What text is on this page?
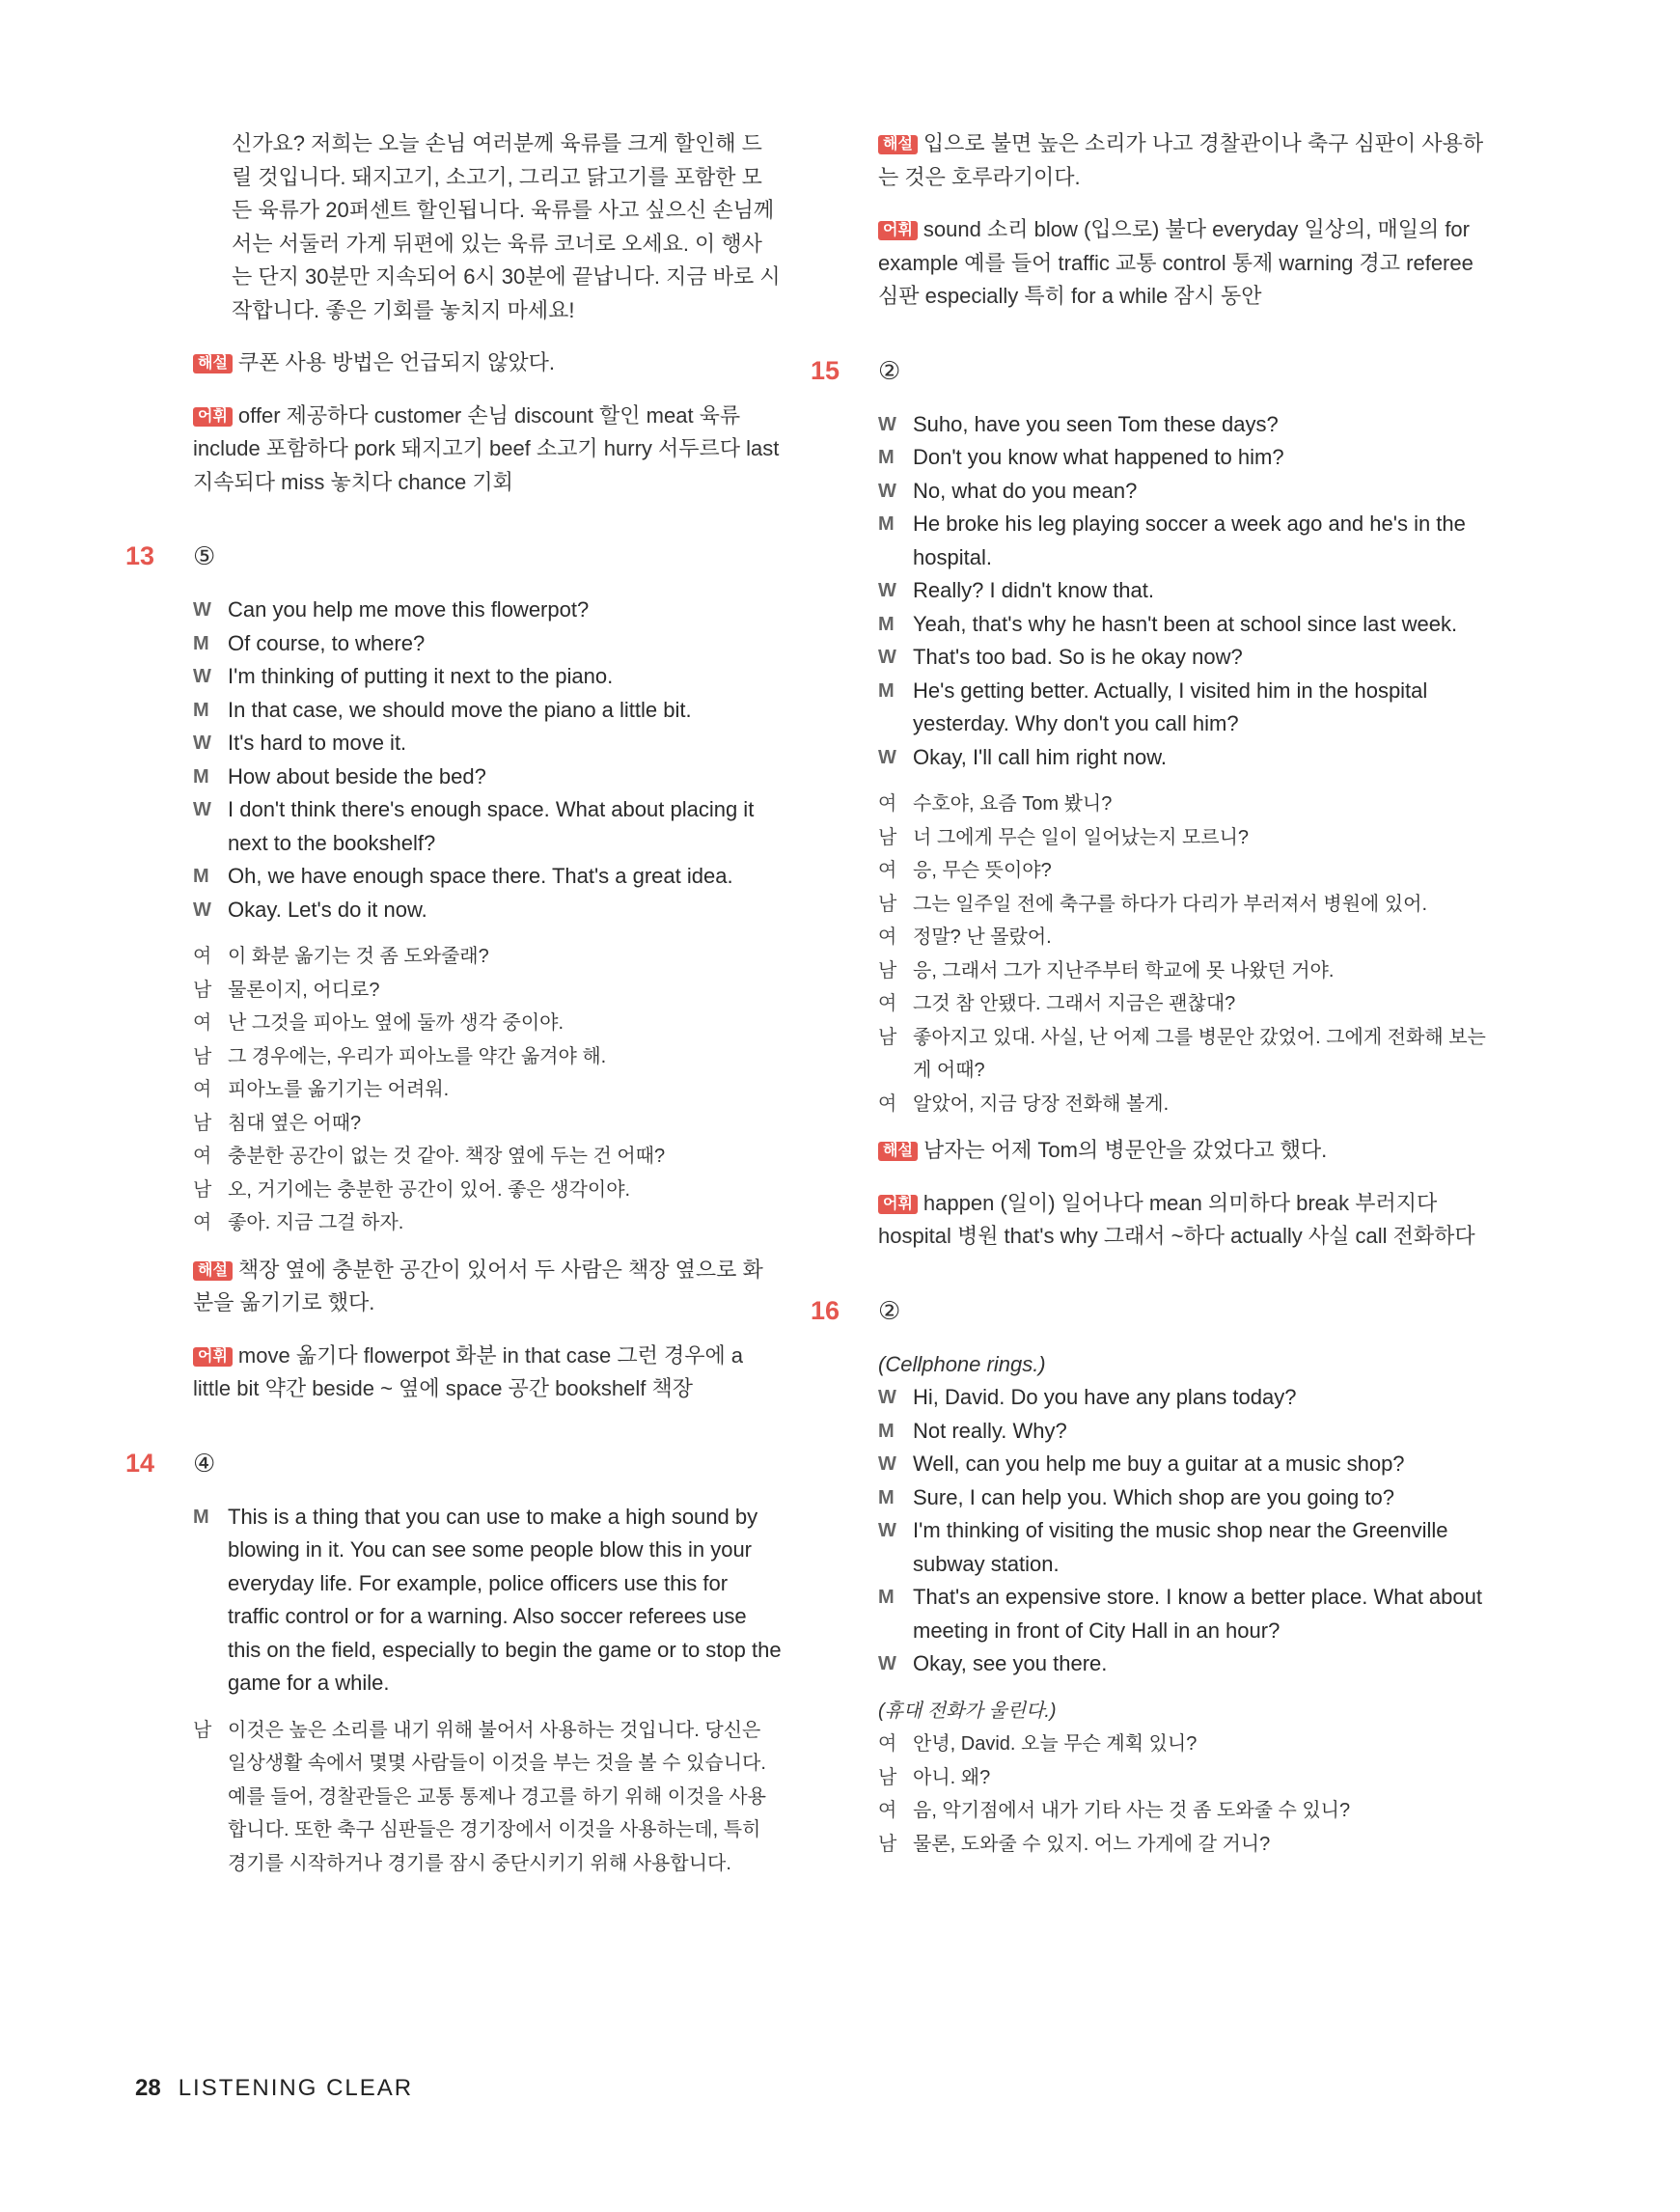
신가요? 저희는 오늘 손님 여러분께 육류를 크게 할인해 드릴 것입니다. 돼지고기, 소고기, 그리고 닭고기를 포함한 모든 육류가 20퍼센트 할인됩니다. 육류를 사고 싶으신 손님께서는 서둘러 가게 뒤편에 있는 육류 코너로 오세요. 이 행사는 단지 30분만 지속되어 6시 30분에 끝납니다. 지금 바로 시작합니다. 좋은 기회를 놓치지 마세요!
해설 쿠폰 사용 방법은 언급되지 않았다.
어휘 offer 제공하다 customer 손님 discount 할인 meat 육류 include 포함하다 pork 돼지고기 beef 소고기 hurry 서두르다 last 지속되다 miss 놓치다 chance 기회
13 ⑤
W Can you help me move this flowerpot?
M Of course, to where?
W I'm thinking of putting it next to the piano.
M In that case, we should move the piano a little bit.
W It's hard to move it.
M How about beside the bed?
W I don't think there's enough space. What about placing it next to the bookshelf?
M Oh, we have enough space there. That's a great idea.
W Okay. Let's do it now.
여 이 화분 옮기는 것 좀 도와줄래?
남 물론이지, 어디로?
여 난 그것을 피아노 옆에 둘까 생각 중이야.
남 그 경우에는, 우리가 피아노를 약간 옮겨야 해.
여 피아노를 옮기기는 어려워.
남 침대 옆은 어때?
여 충분한 공간이 없는 것 같아. 책장 옆에 두는 건 어때?
남 오, 거기에는 충분한 공간이 있어. 좋은 생각이야.
여 좋아. 지금 그걸 하자.
해설 책장 옆에 충분한 공간이 있어서 두 사람은 책장 옆으로 화분을 옮기기로 했다.
어휘 move 옮기다 flowerpot 화분 in that case 그런 경우에 a little bit 약간 beside ~ 옆에 space 공간 bookshelf 책장
14 ④
M This is a thing that you can use to make a high sound by blowing in it. You can see some people blow this in your everyday life. For example, police officers use this for traffic control or for a warning. Also soccer referees use this on the field, especially to begin the game or to stop the game for a while.
남 이것은 높은 소리를 내기 위해 불어서 사용하는 것입니다. 당신은 일상생활 속에서 몇몇 사람들이 이것을 부는 것을 볼 수 있습니다. 예를 들어, 경찰관들은 교통 통제나 경고를 하기 위해 이것을 사용합니다. 또한 축구 심판들은 경기장에서 이것을 사용하는데, 특히 경기를 시작하거나 경기를 잠시 중단시키기 위해 사용합니다.
해설 입으로 불면 높은 소리가 나고 경찰관이나 축구 심판이 사용하는 것은 호루라기이다.
어휘 sound 소리 blow (입으로) 불다 everyday 일상의, 매일의 for example 예를 들어 traffic 교통 control 통제 warning 경고 referee 심판 especially 특히 for a while 잠시 동안
15 ②
W Suho, have you seen Tom these days?
M Don't you know what happened to him?
W No, what do you mean?
M He broke his leg playing soccer a week ago and he's in the hospital.
W Really? I didn't know that.
M Yeah, that's why he hasn't been at school since last week.
W That's too bad. So is he okay now?
M He's getting better. Actually, I visited him in the hospital yesterday. Why don't you call him?
W Okay, I'll call him right now.
여 수호야, 요즘 Tom 봤니?
남 너 그에게 무슨 일이 일어났는지 모르니?
여 응, 무슨 뜻이야?
남 그는 일주일 전에 축구를 하다가 다리가 부러져서 병원에 있어.
여 정말? 난 몰랐어.
남 응, 그래서 그가 지난주부터 학교에 못 나왔던 거야.
여 그것 참 안됐다. 그래서 지금은 괜찮대?
남 좋아지고 있대. 사실, 난 어제 그를 병문안 갔었어. 그에게 전화해 보는 게 어때?
여 알았어, 지금 당장 전화해 볼게.
해설 남자는 어제 Tom의 병문안을 갔었다고 했다.
어휘 happen (일이) 일어나다 mean 의미하다 break 부러지다 hospital 병원 that's why 그래서 ~하다 actually 사실 call 전화하다
16 ②
(Cellphone rings.)
W Hi, David. Do you have any plans today?
M Not really. Why?
W Well, can you help me buy a guitar at a music shop?
M Sure, I can help you. Which shop are you going to?
W I'm thinking of visiting the music shop near the Greenville subway station.
M That's an expensive store. I know a better place. What about meeting in front of City Hall in an hour?
W Okay, see you there.
(휴대 전화가 울린다.)
여 안녕, David. 오늘 무슨 계획 있니?
남 아니. 왜?
여 음, 악기점에서 내가 기타 사는 것 좀 도와줄 수 있니?
남 물론, 도와줄 수 있지. 어느 가게에 갈 거니?
28 LISTENING CLEAR
